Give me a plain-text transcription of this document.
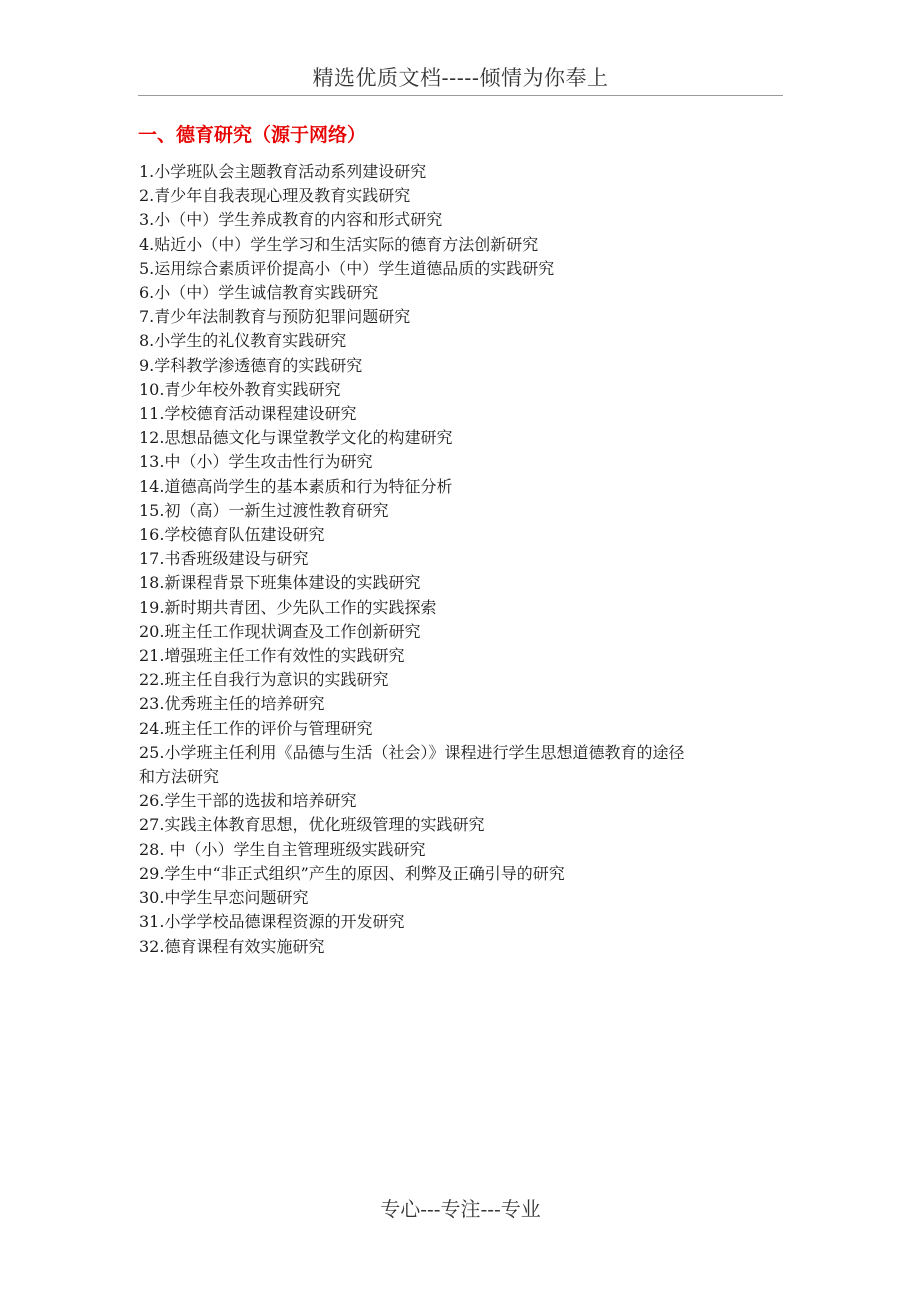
精选优质文档-----倾情为你奉上
一、德育研究（源于网络）
1.小学班队会主题教育活动系列建设研究
2.青少年自我表现心理及教育实践研究
3.小（中）学生养成教育的内容和形式研究
4.贴近小（中）学生学习和生活实际的德育方法创新研究
5.运用综合素质评价提高小（中）学生道德品质的实践研究
6.小（中）学生诚信教育实践研究
7.青少年法制教育与预防犯罪问题研究
8.小学生的礼仪教育实践研究
9.学科教学渗透德育的实践研究
10.青少年校外教育实践研究
11.学校德育活动课程建设研究
12.思想品德文化与课堂教学文化的构建研究
13.中（小）学生攻击性行为研究
14.道德高尚学生的基本素质和行为特征分析
15.初（高）一新生过渡性教育研究
16.学校德育队伍建设研究
17.书香班级建设与研究
18.新课程背景下班集体建设的实践研究
19.新时期共青团、少先队工作的实践探索
20.班主任工作现状调查及工作创新研究
21.增强班主任工作有效性的实践研究
22.班主任自我行为意识的实践研究
23.优秀班主任的培养研究
24.班主任工作的评价与管理研究
25.小学班主任利用《品德与生活（社会）》课程进行学生思想道德教育的途径
和方法研究
26.学生干部的选拔和培养研究
27.实践主体教育思想，优化班级管理的实践研究
28. 中（小）学生自主管理班级实践研究
29.学生中“非正式组织”产生的原因、利弊及正确引导的研究
30.中学生早恋问题研究
31.小学学校品德课程资源的开发研究
32.德育课程有效实施研究
专心---专注---专业
